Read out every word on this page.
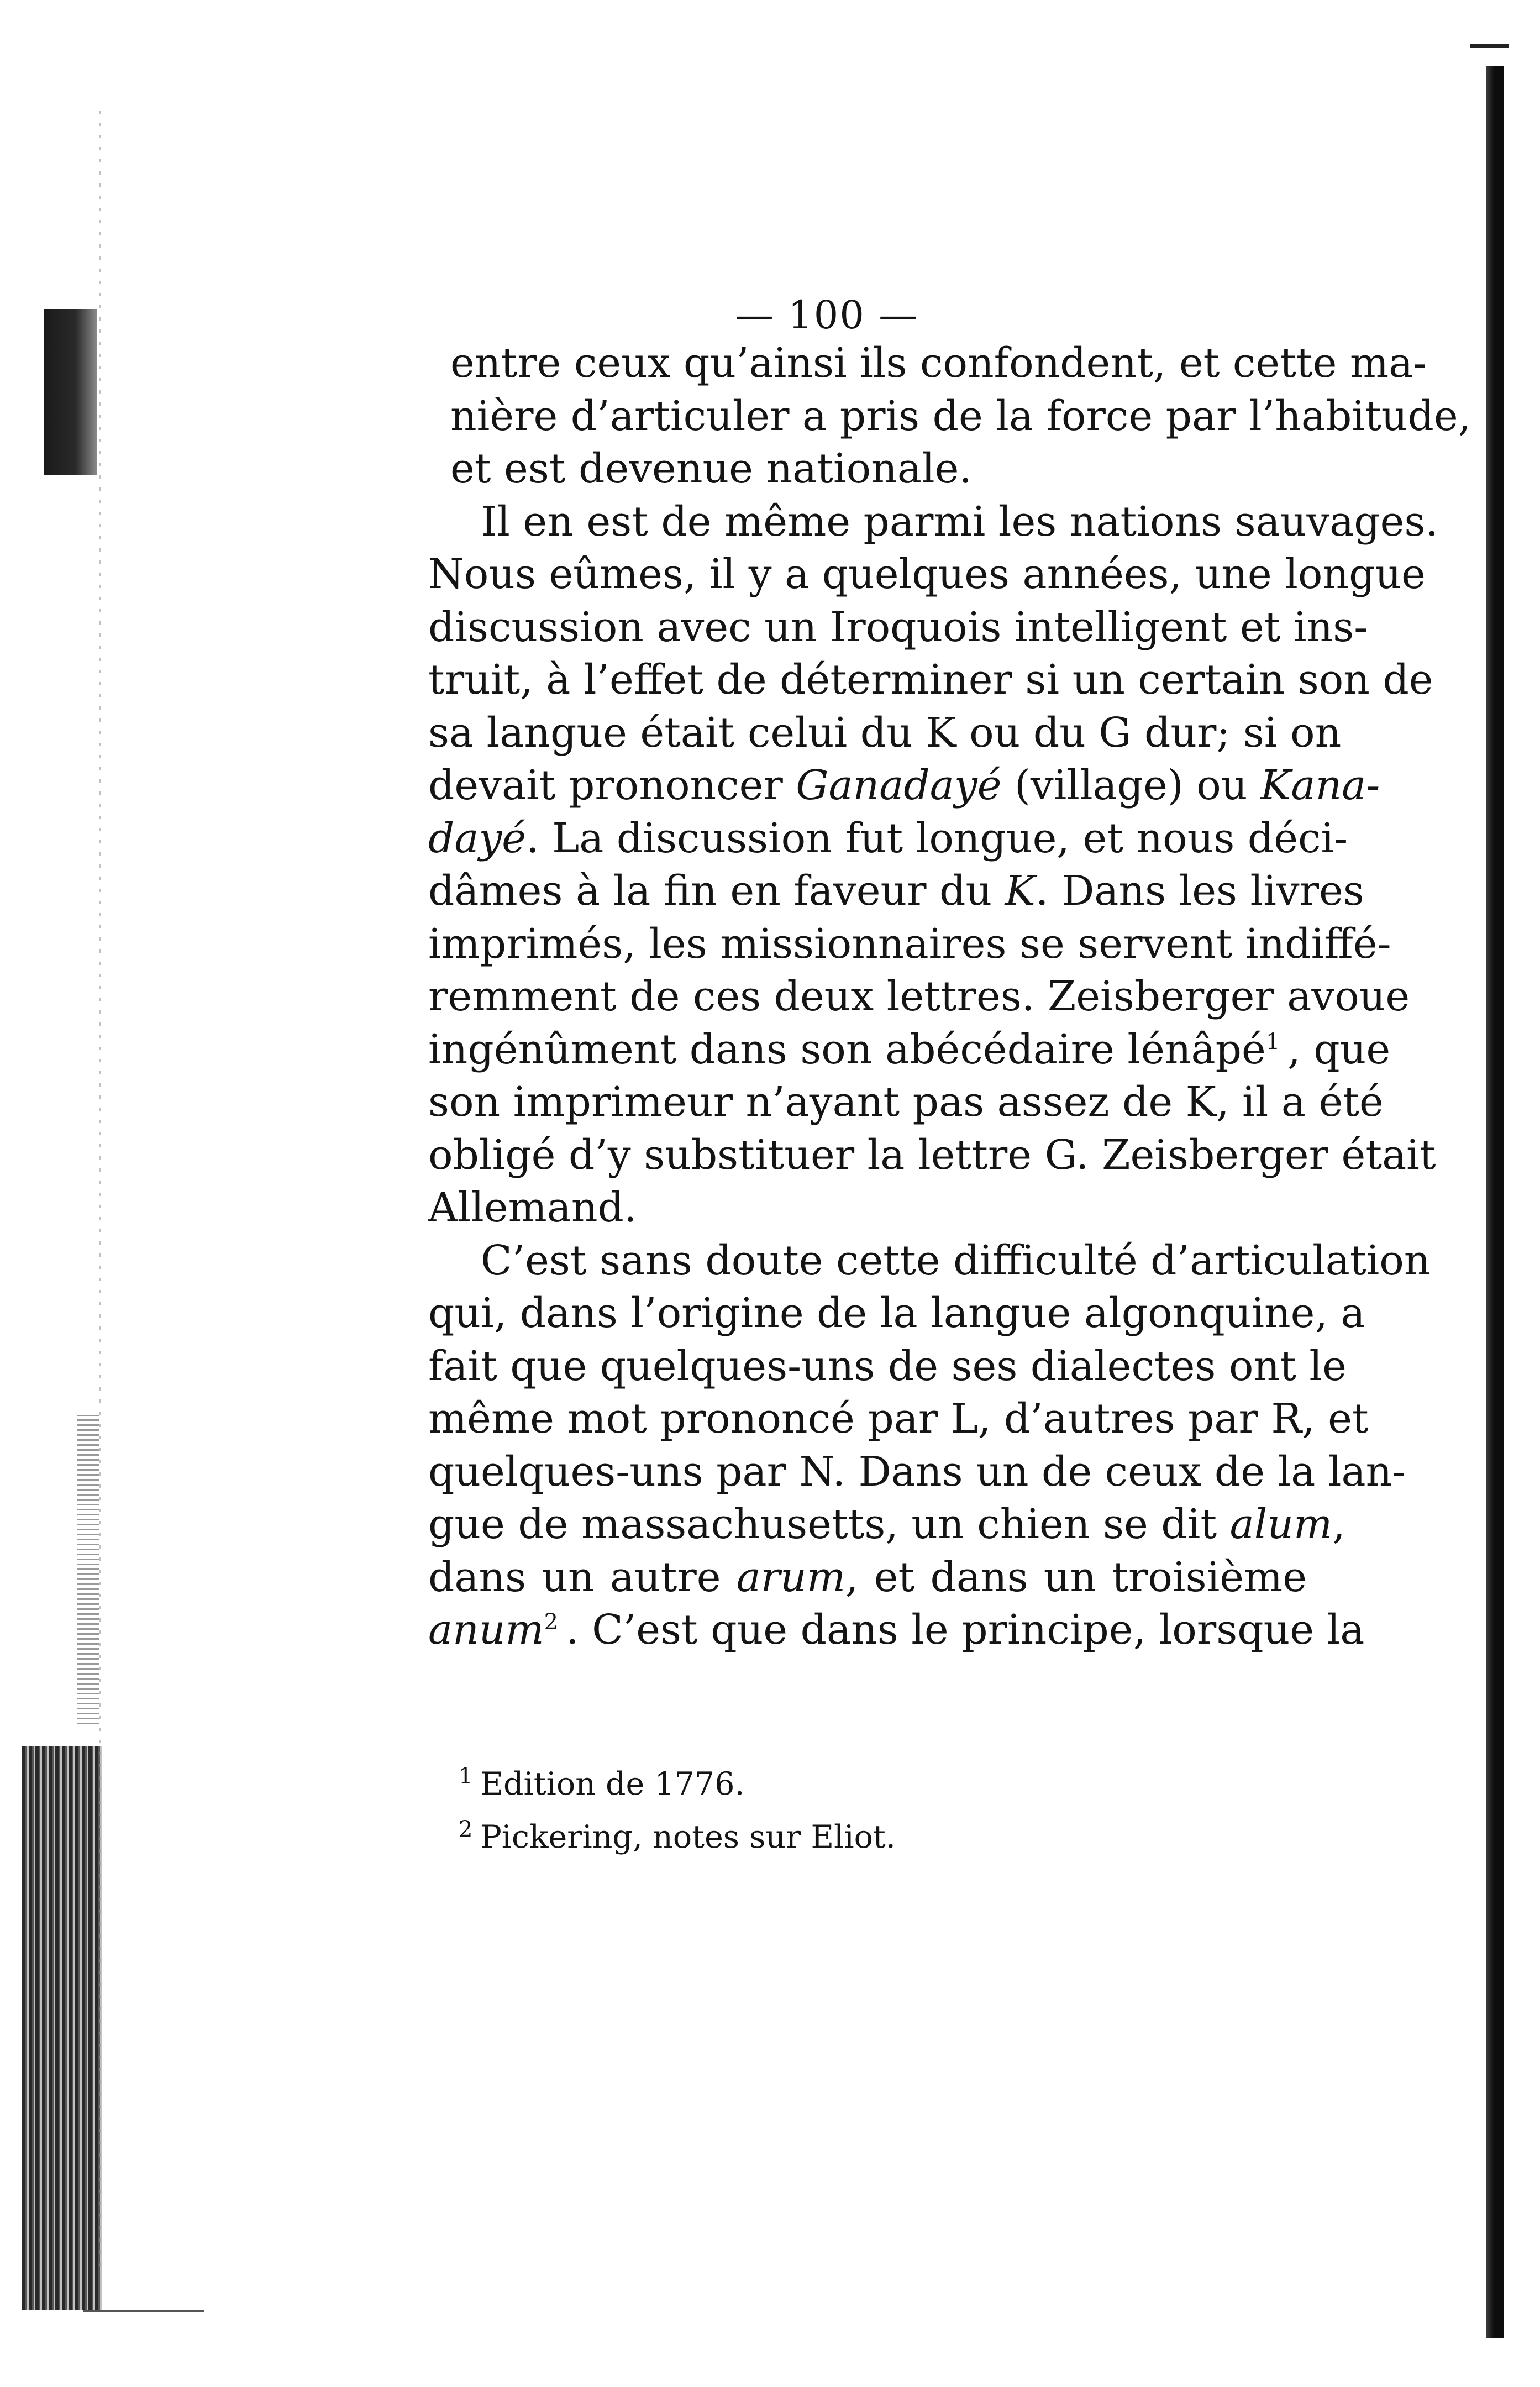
— 100 —
entre ceux qu’ainsi ils confondent, et cette ma-
nière d’articuler a pris de la force par l’habitude,
et est devenue nationale.
Il en est de même parmi les nations sauvages.
Nous eûmes, il y a quelques années, une longue
discussion avec un Iroquois intelligent et ins-
truit, à l’effet de déterminer si un certain son de
sa langue était celui du K ou du G dur; si on
devait prononcer Ganadayé (village) ou Kana-
dayé. La discussion fut longue, et nous déci-
dâmes à la fin en faveur du K. Dans les livres
imprimés, les missionnaires se servent indiffé-
remment de ces deux lettres. Zeisberger avoue
ingénûment dans son abécédaire lénâpé$^1$ , que
son imprimeur n’ayant pas assez de K, il a été
obligé d’y substituer la lettre G. Zeisberger était
Allemand.
C’est sans doute cette difficulté d’articulation
qui, dans l’origine de la langue algonquine, a
fait que quelques-uns de ses dialectes ont le
même mot prononcé par L, d’autres par R, et
quelques-uns par N. Dans un de ceux de la lan-
gue de massachusetts, un chien se dit alum,
dans un autre arum, et dans un troisième
anum$^2$ . C’est que dans le principe, lorsque la
$^1$ Edition de 1776.
$^2$ Pickering, notes sur Eliot.
